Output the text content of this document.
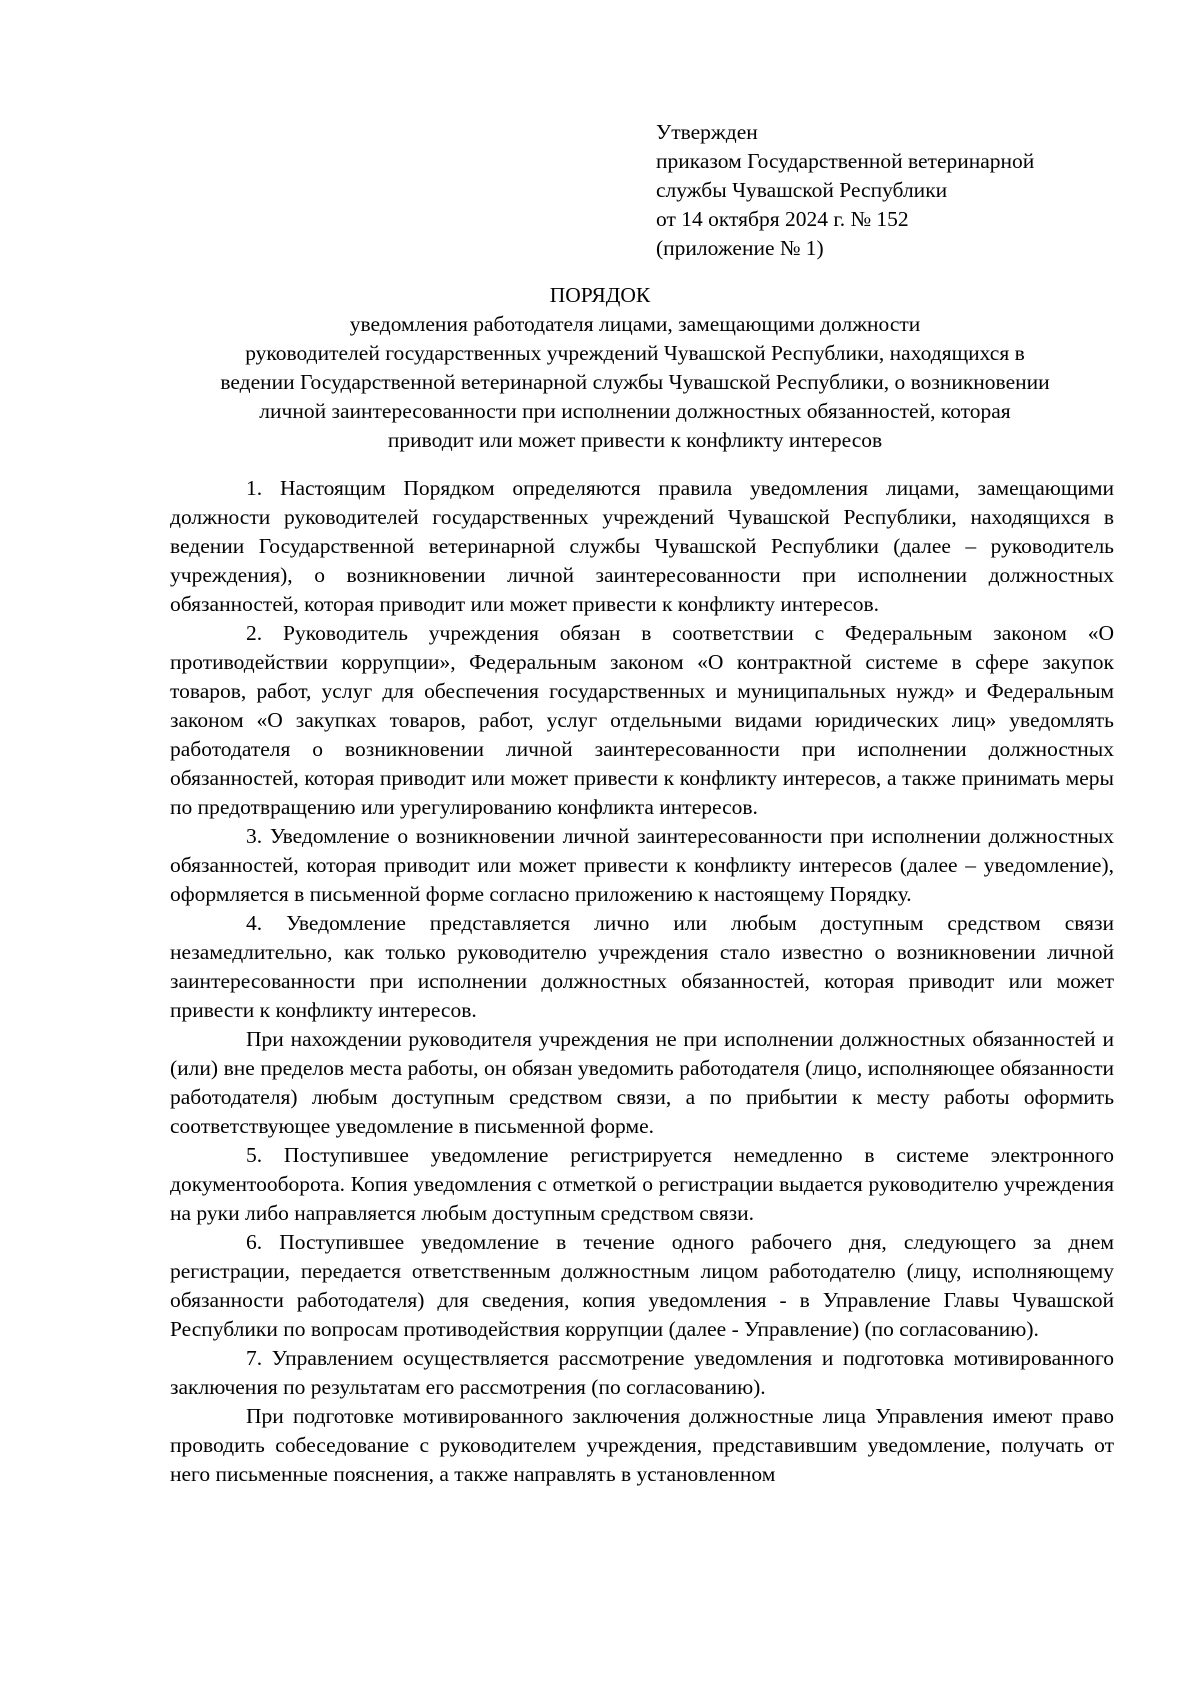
Утвержден
приказом Государственной ветеринарной
службы Чувашской Республики
от 14 октября 2024 г. № 152
(приложение № 1)
ПОРЯДОК
уведомления работодателя лицами, замещающими должности
руководителей государственных учреждений Чувашской Республики, находящихся в
ведении Государственной ветеринарной службы Чувашской Республики, о возникновении
личной заинтересованности при исполнении должностных обязанностей, которая
приводит или может привести к конфликту интересов

1. Настоящим Порядком определяются правила уведомления лицами, замещающими должности руководителей государственных учреждений Чувашской Республики, находящихся в ведении Государственной ветеринарной службы Чувашской Республики (далее – руководитель учреждения), о возникновении личной заинтересованности при исполнении должностных обязанностей, которая приводит или может привести к конфликту интересов.

2. Руководитель учреждения обязан в соответствии с Федеральным законом «О противодействии коррупции», Федеральным законом «О контрактной системе в сфере закупок товаров, работ, услуг для обеспечения государственных и муниципальных нужд» и Федеральным законом «О закупках товаров, работ, услуг отдельными видами юридических лиц» уведомлять работодателя о возникновении личной заинтересованности при исполнении должностных обязанностей, которая приводит или может привести к конфликту интересов, а также принимать меры по предотвращению или урегулированию конфликта интересов.

3. Уведомление о возникновении личной заинтересованности при исполнении должностных обязанностей, которая приводит или может привести к конфликту интересов (далее – уведомление), оформляется в письменной форме согласно приложению к настоящему Порядку.

4. Уведомление представляется лично или любым доступным средством связи незамедлительно, как только руководителю учреждения стало известно о возникновении личной заинтересованности при исполнении должностных обязанностей, которая приводит или может привести к конфликту интересов.

При нахождении руководителя учреждения не при исполнении должностных обязанностей и (или) вне пределов места работы, он обязан уведомить работодателя (лицо, исполняющее обязанности работодателя) любым доступным средством связи, а по прибытии к месту работы оформить соответствующее уведомление в письменной форме.

5. Поступившее уведомление регистрируется немедленно в системе электронного документооборота. Копия уведомления с отметкой о регистрации выдается руководителю учреждения на руки либо направляется любым доступным средством связи.

6. Поступившее уведомление в течение одного рабочего дня, следующего за днем регистрации, передается ответственным должностным лицом работодателю (лицу, исполняющему обязанности работодателя) для сведения, копия уведомления - в Управление Главы Чувашской Республики по вопросам противодействия коррупции (далее - Управление) (по согласованию).

7. Управлением осуществляется рассмотрение уведомления и подготовка мотивированного заключения по результатам его рассмотрения (по согласованию).

При подготовке мотивированного заключения должностные лица Управления имеют право проводить собеседование с руководителем учреждения, представившим уведомление, получать от него письменные пояснения, а также направлять в установленном
